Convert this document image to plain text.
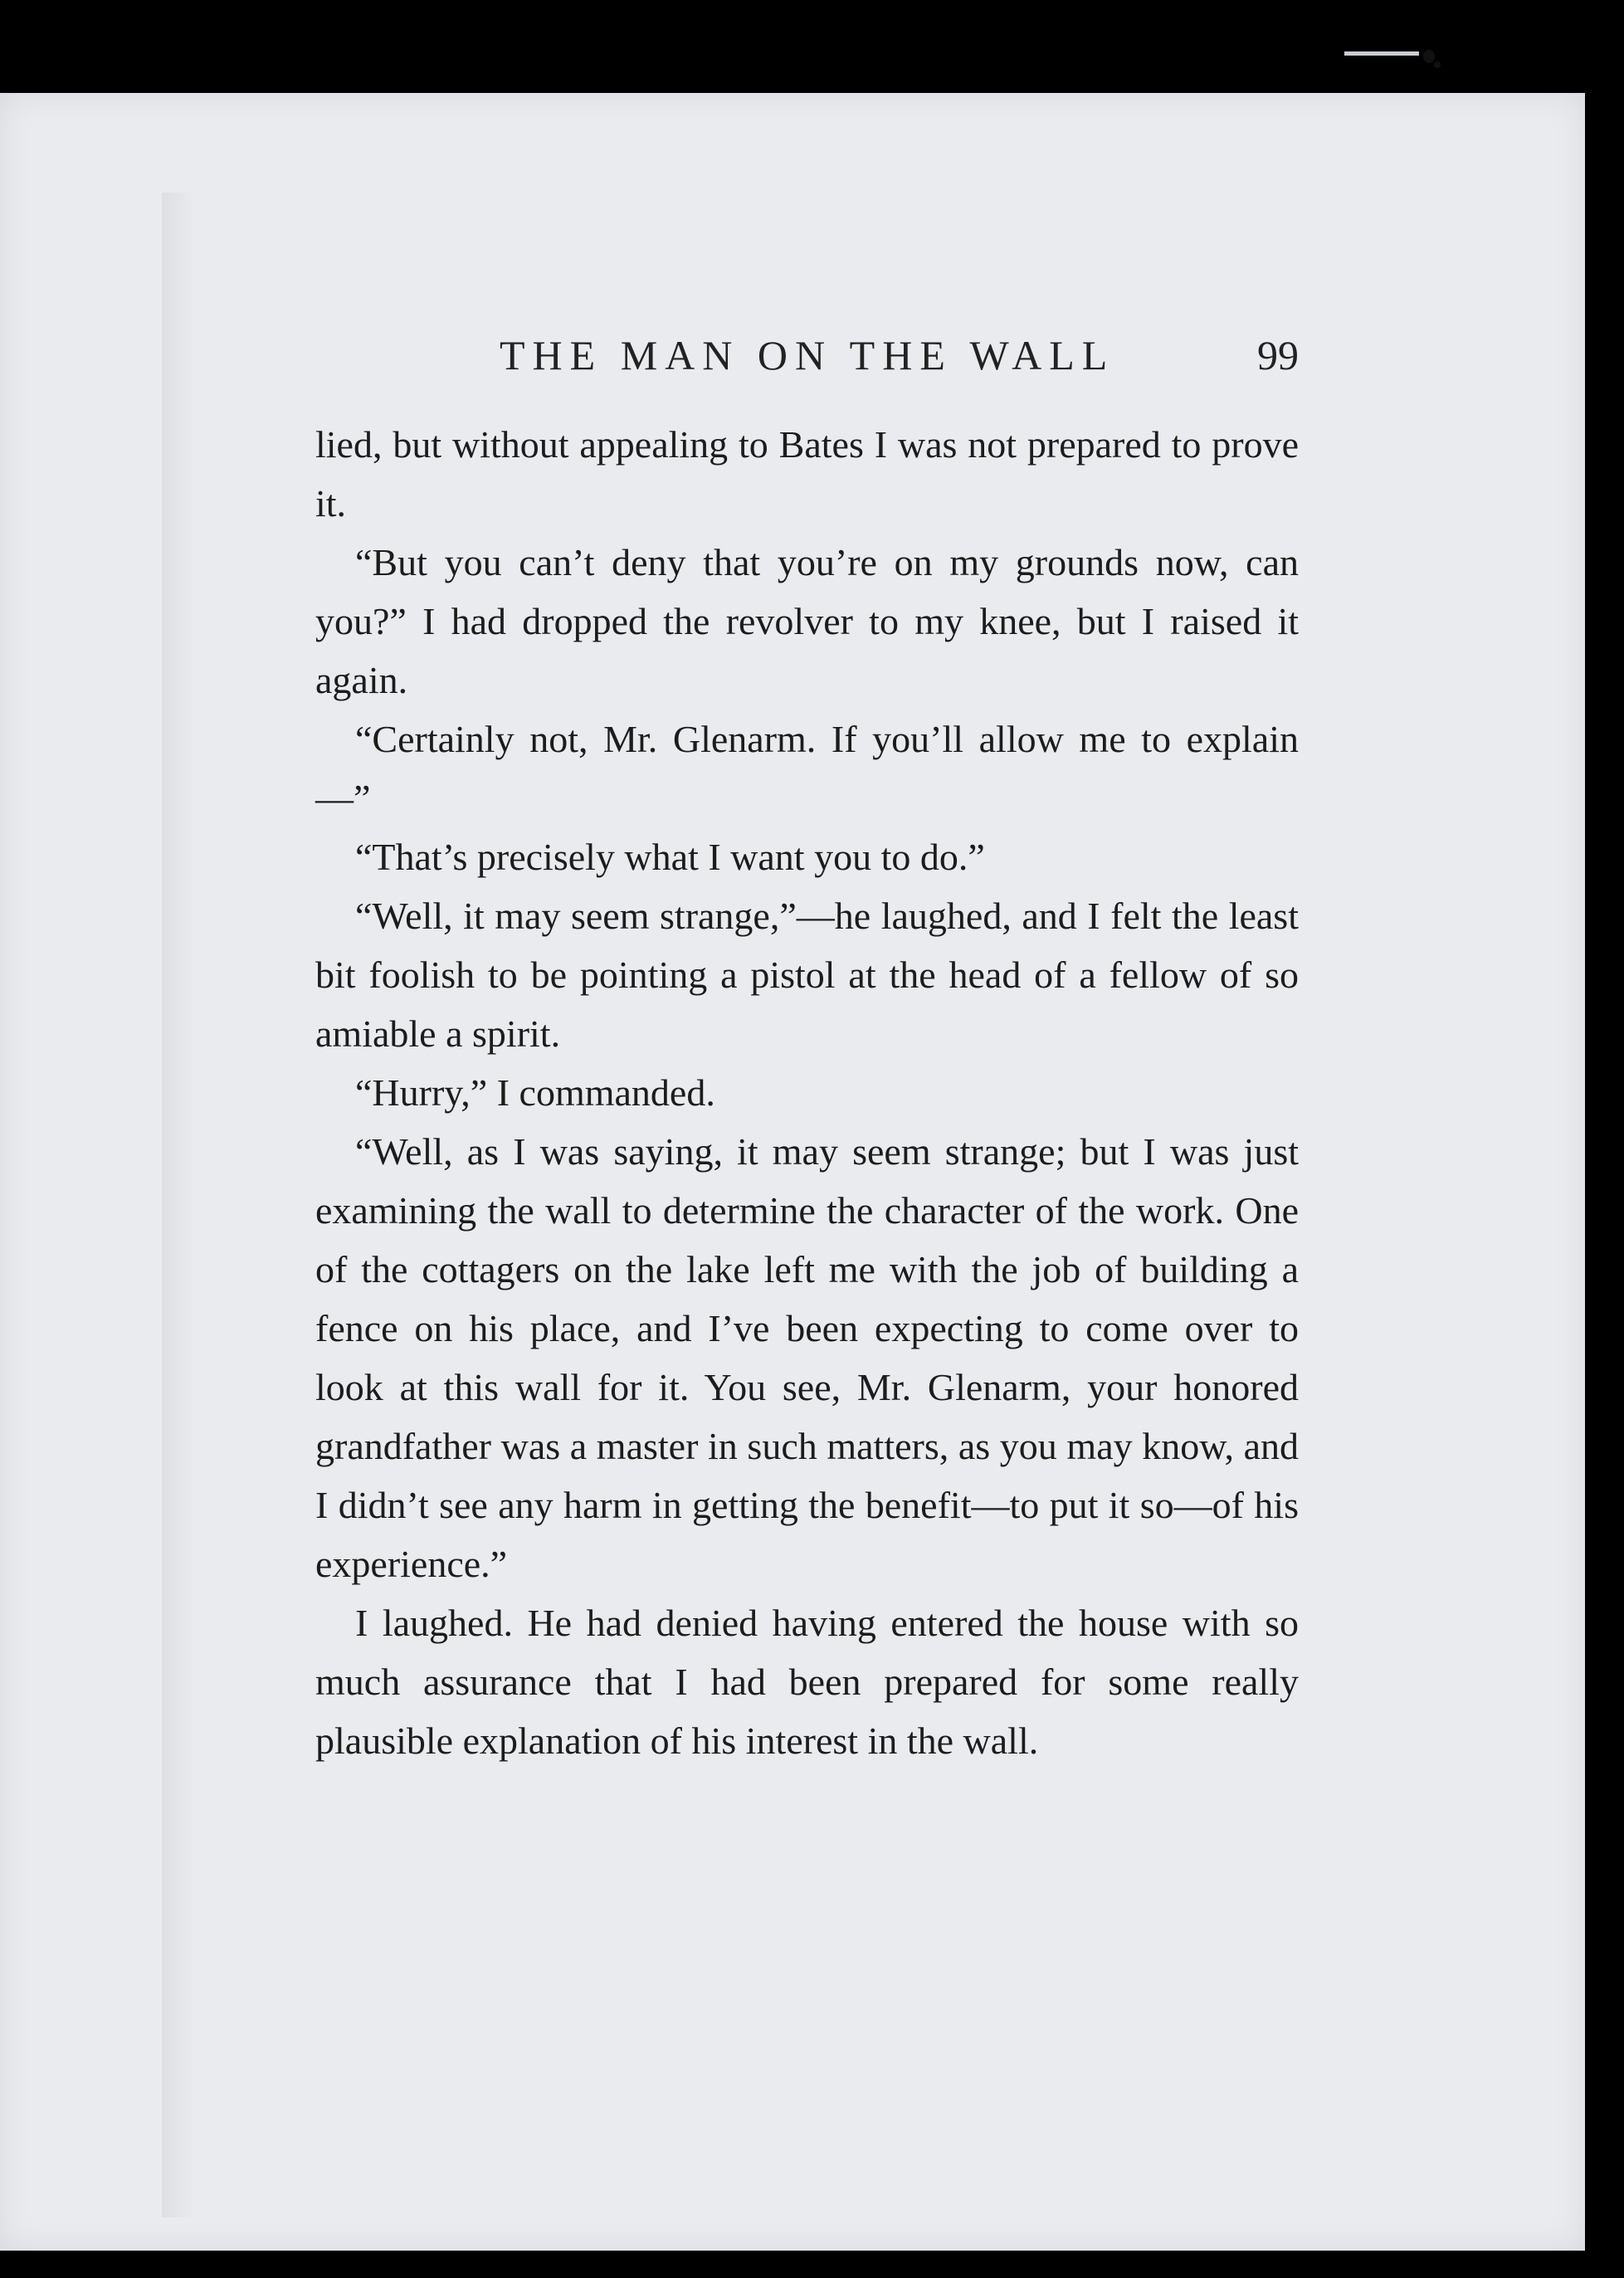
THE MAN ON THE WALL	99

lied, but without appealing to Bates I was not prepared to prove it.

“But you can’t deny that you’re on my grounds now, can you?” I had dropped the revolver to my knee, but I raised it again.

“Certainly not, Mr. Glenarm. If you’ll allow me to explain—”

“That’s precisely what I want you to do.”

“Well, it may seem strange,”—he laughed, and I felt the least bit foolish to be pointing a pistol at the head of a fellow of so amiable a spirit.

“Hurry,” I commanded.

“Well, as I was saying, it may seem strange; but I was just examining the wall to determine the character of the work. One of the cottagers on the lake left me with the job of building a fence on his place, and I’ve been expecting to come over to look at this wall for it. You see, Mr. Glenarm, your honored grandfather was a master in such matters, as you may know, and I didn’t see any harm in getting the benefit—to put it so—of his experience.”

I laughed. He had denied having entered the house with so much assurance that I had been prepared for some really plausible explanation of his interest in the wall.
